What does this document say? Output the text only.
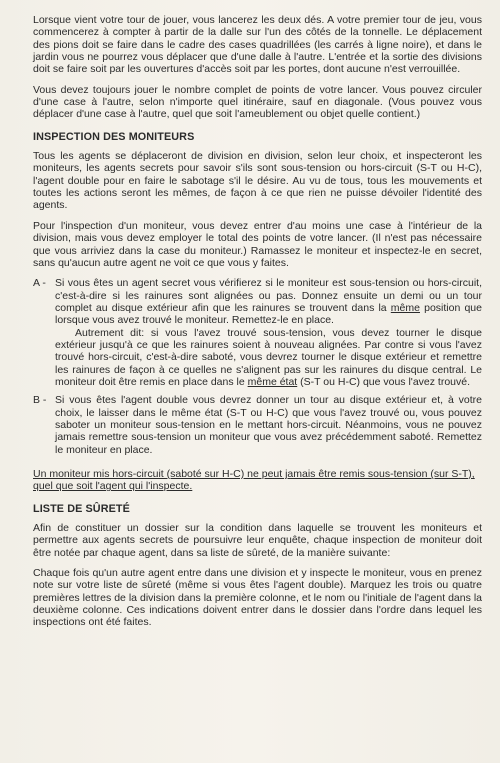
Lorsque vient votre tour de jouer, vous lancerez les deux dés. A votre premier tour de jeu, vous commencerez à compter à partir de la dalle sur l'un des côtés de la tonnelle. Le déplacement des pions doit se faire dans le cadre des cases quadrillées (les carrés à ligne noire), et dans le jardin vous ne pourrez vous déplacer que d'une dalle à l'autre. L'entrée et la sortie des divisions doit se faire soit par les ouvertures d'accès soit par les portes, dont aucune n'est verrouillée.

Vous devez toujours jouer le nombre complet de points de votre lancer. Vous pouvez circuler d'une case à l'autre, selon n'importe quel itinéraire, sauf en diagonale. (Vous pouvez vous déplacer d'une case à l'autre, quel que soit l'ameublement ou objet quelle contient.)

INSPECTION DES MONITEURS

Tous les agents se déplaceront de division en division, selon leur choix, et inspecteront les moniteurs, les agents secrets pour savoir s'ils sont sous-tension ou hors-circuit (S-T ou H-C), l'agent double pour en faire le sabotage s'il le désire. Au vu de tous, tous les mouvements et toutes les actions seront les mêmes, de façon à ce que rien ne puisse dévoiler l'identité des agents.

Pour l'inspection d'un moniteur, vous devez entrer d'au moins une case à l'intérieur de la division, mais vous devez employer le total des points de votre lancer. (Il n'est pas nécessaire que vous arriviez dans la case du moniteur.) Ramassez le moniteur et inspectez-le en secret, sans qu'aucun autre agent ne voit ce que vous y faites.

A - Si vous êtes un agent secret vous vérifierez si le moniteur est sous-tension ou hors-circuit, c'est-à-dire si les rainures sont alignées ou pas. Donnez ensuite un demi ou un tour complet au disque extérieur afin que les rainures se trouvent dans la même position que lorsque vous avez trouvé le moniteur. Remettez-le en place.
Autrement dit: si vous l'avez trouvé sous-tension, vous devez tourner le disque extérieur jusqu'à ce que les rainures soient à nouveau alignées. Par contre si vous l'avez trouvé hors-circuit, c'est-à-dire saboté, vous devrez tourner le disque extérieur et remettre les rainures de façon à ce quelles ne s'alignent pas sur les rainures du disque central. Le moniteur doit être remis en place dans le même état (S-T ou H-C) que vous l'avez trouvé.
B - Si vous êtes l'agent double vous devrez donner un tour au disque extérieur et, à votre choix, le laisser dans le même état (S-T ou H-C) que vous l'avez trouvé ou, vous pouvez saboter un moniteur sous-tension en le mettant hors-circuit. Néanmoins, vous ne pouvez jamais remettre sous-tension un moniteur que vous avez précédemment saboté. Remettez le moniteur en place.

Un moniteur mis hors-circuit (saboté sur H-C) ne peut jamais être remis sous-tension (sur S-T), quel que soit l'agent qui l'inspecte.

LISTE DE SÛRETÉ

Afin de constituer un dossier sur la condition dans laquelle se trouvent les moniteurs et permettre aux agents secrets de poursuivre leur enquête, chaque inspection de moniteur doit être notée par chaque agent, dans sa liste de sûreté, de la manière suivante:

Chaque fois qu'un autre agent entre dans une division et y inspecte le moniteur, vous en prenez note sur votre liste de sûreté (même si vous êtes l'agent double). Marquez les trois ou quatre premières lettres de la division dans la première colonne, et le nom ou l'initiale de l'agent dans la deuxième colonne. Ces indications doivent entrer dans le dossier dans l'ordre dans lequel les inspections ont été faites.
